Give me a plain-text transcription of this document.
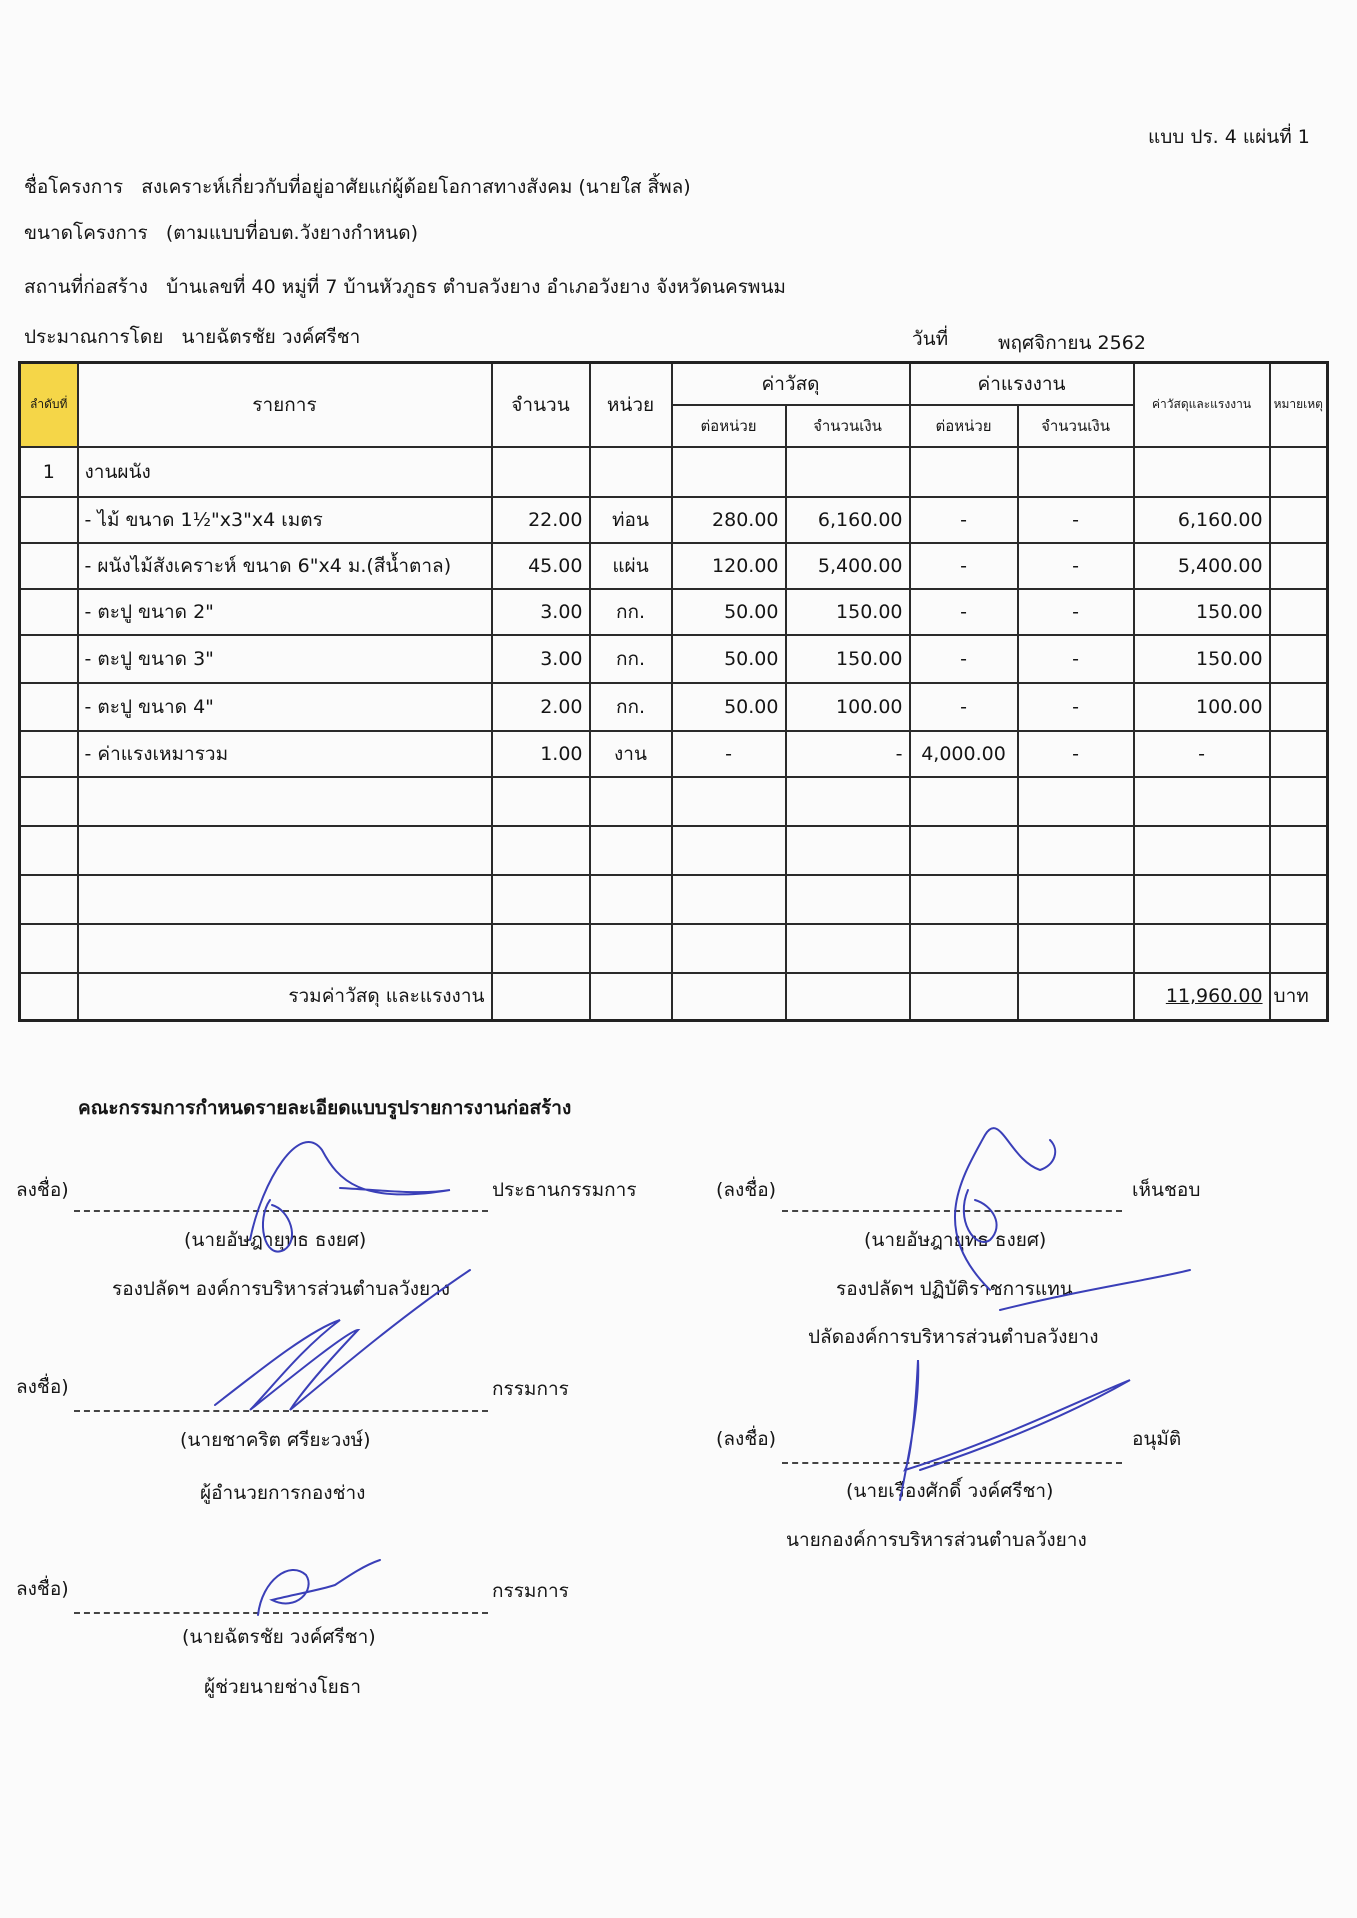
แบบ ปร. 4 แผ่นที่ 1
ชื่อโครงการ สงเคราะห์เกี่ยวกับที่อยู่อาศัยแก่ผู้ด้อยโอกาสทางสังคม (นายใส สิ้พล)
ขนาดโครงการ (ตามแบบที่อบต.วังยางกำหนด)
สถานที่ก่อสร้าง บ้านเลขที่ 40 หมู่ที่ 7 บ้านหัวภูธร ตำบลวังยาง อำเภอวังยาง จังหวัดนครพนม
ประมาณการโดย นายฉัตรชัย วงค์ศรีชา	วันที่	พฤศจิกายน 2562
ลำดับที่	รายการ	จำนวน	หน่วย	ค่าวัสดุ		ค่าแรงงาน		ค่าวัสดุและแรงงาน	หมายเหตุ
				ต่อหน่วย	จำนวนเงิน	ต่อหน่วย	จำนวนเงิน		
1	งานผนัง								
	- ไม้ ขนาด 1½"x3"x4 เมตร	22.00	ท่อน	280.00	6,160.00	-	-	6,160.00	
	- ผนังไม้สังเคราะห์ ขนาด 6"x4 ม.(สีน้ำตาล)	45.00	แผ่น	120.00	5,400.00	-	-	5,400.00	
	- ตะปู ขนาด 2"	3.00	กก.	50.00	150.00	-	-	150.00	
	- ตะปู ขนาด 3"	3.00	กก.	50.00	150.00	-	-	150.00	
	- ตะปู ขนาด 4"	2.00	กก.	50.00	100.00	-	-	100.00	
	- ค่าแรงเหมารวม	1.00	งาน	-	-	4,000.00	-	-	

	รวมค่าวัสดุ และแรงงาน							11,960.00	บาท
คณะกรรมการกำหนดรายละเอียดแบบรูปรายการงานก่อสร้าง
ลงชื่อ)	ประธานกรรมการ
(นายอัษฎายุทธ ธงยศ)
รองปลัดฯ องค์การบริหารส่วนตำบลวังยาง
ลงชื่อ)	กรรมการ
(นายชาคริต ศรียะวงษ์)
ผู้อำนวยการกองช่าง
ลงชื่อ)	กรรมการ
(นายฉัตรชัย วงค์ศรีชา)
ผู้ช่วยนายช่างโยธา
(ลงชื่อ)	เห็นชอบ
(นายอัษฎายุทธ ธงยศ)
รองปลัดฯ ปฏิบัติราชการแทน
ปลัดองค์การบริหารส่วนตำบลวังยาง
(ลงชื่อ)	อนุมัติ
(นายเรืองศักดิ์ วงค์ศรีชา)
นายกองค์การบริหารส่วนตำบลวังยาง
